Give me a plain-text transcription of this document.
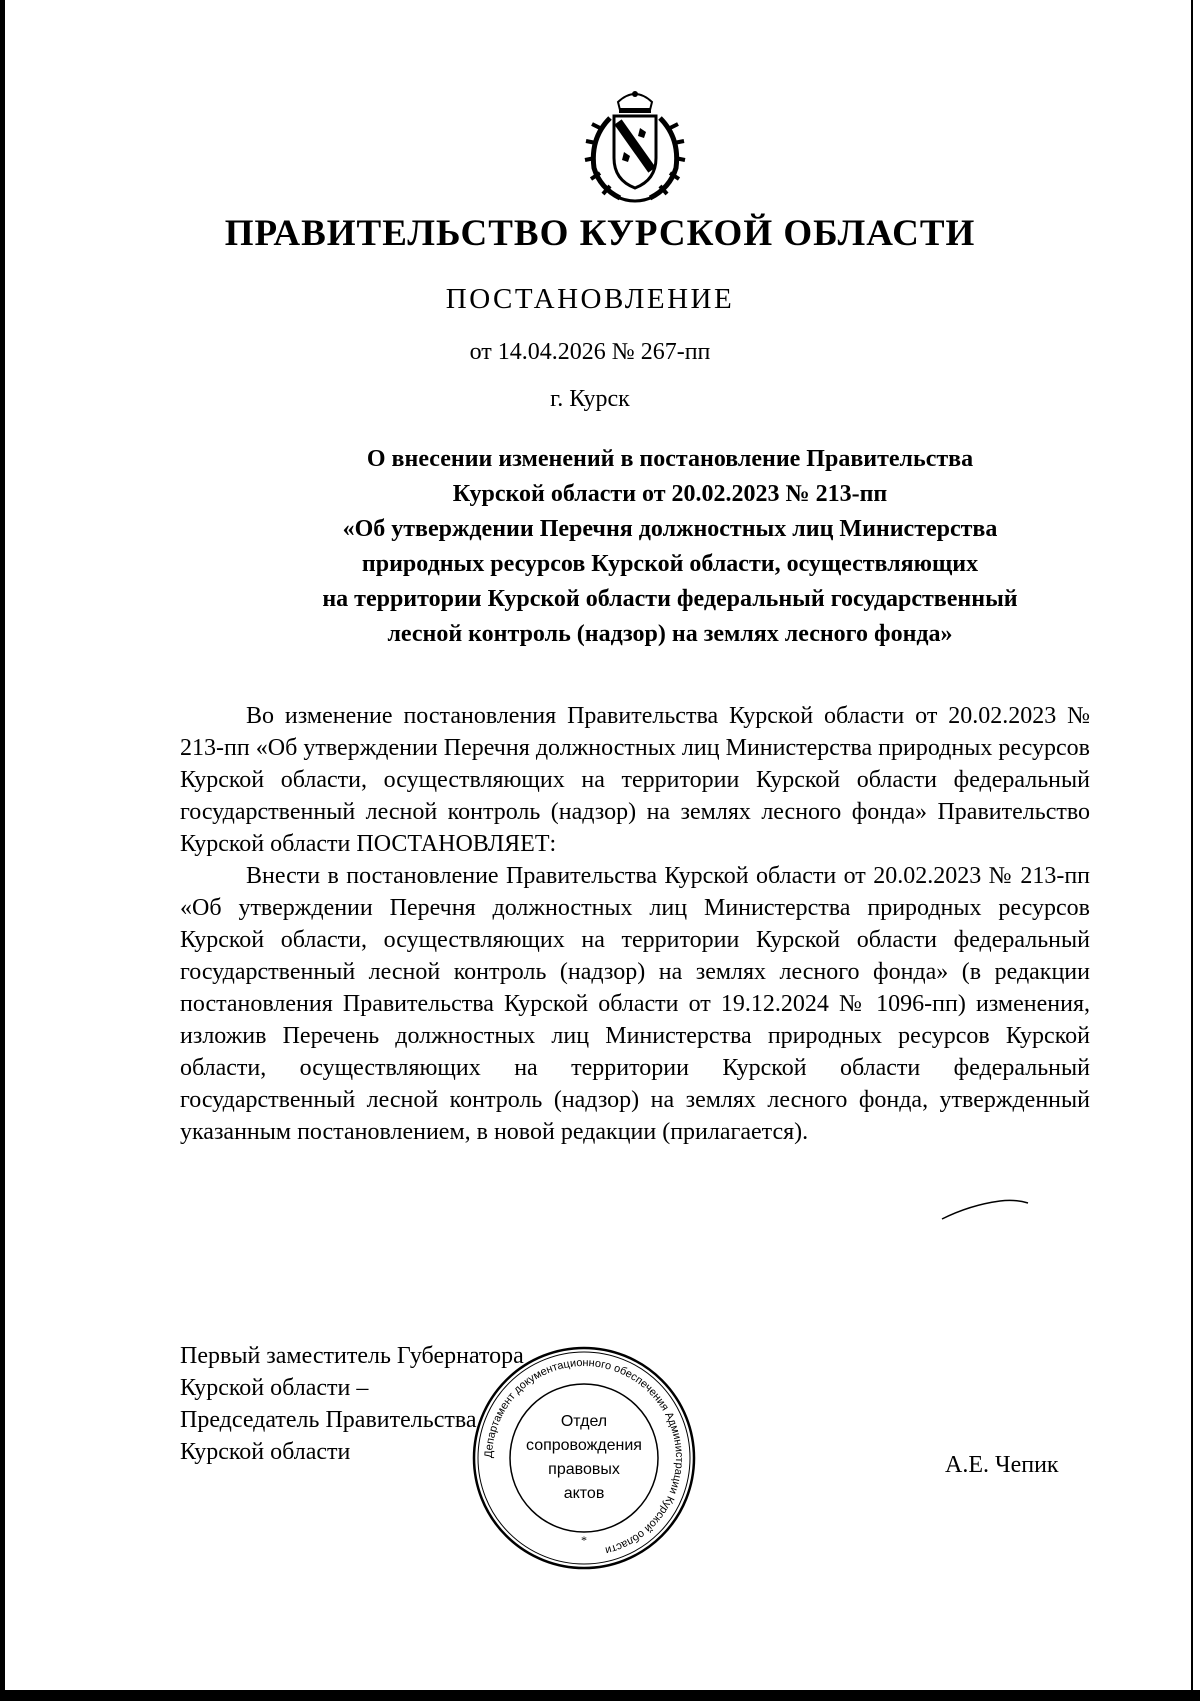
ПРАВИТЕЛЬСТВО КУРСКОЙ ОБЛАСТИ
ПОСТАНОВЛЕНИЕ
от 14.04.2026 № 267-пп
г. Курск
О внесении изменений в постановление Правительства
Курской области от 20.02.2023 № 213-пп
«Об утверждении Перечня должностных лиц Министерства
природных ресурсов Курской области, осуществляющих
на территории Курской области федеральный государственный
лесной контроль (надзор) на землях лесного фонда»

Во изменение постановления Правительства Курской области от 20.02.2023 № 213-пп «Об утверждении Перечня должностных лиц Министерства природных ресурсов Курской области, осуществляющих на территории Курской области федеральный государственный лесной контроль (надзор) на землях лесного фонда» Правительство Курской области ПОСТАНОВЛЯЕТ:

Внести в постановление Правительства Курской области от 20.02.2023 № 213-пп «Об утверждении Перечня должностных лиц Министерства природных ресурсов Курской области, осуществляющих на территории Курской области федеральный государственный лесной контроль (надзор) на землях лесного фонда» (в редакции постановления Правительства Курской области от 19.12.2024 № 1096-пп) изменения, изложив Перечень должностных лиц Министерства природных ресурсов Курской области, осуществляющих на территории Курской области федеральный государственный лесной контроль (надзор) на землях лесного фонда, утвержденный указанным постановлением, в новой редакции (прилагается).

Первый заместитель Губернатора
Курской области –
Председатель Правительства
Курской области	А.Е. Чепик
Департамент документационного обеспечения Администрации Курской области
Отдел
сопровождения
правовых
актов
*
